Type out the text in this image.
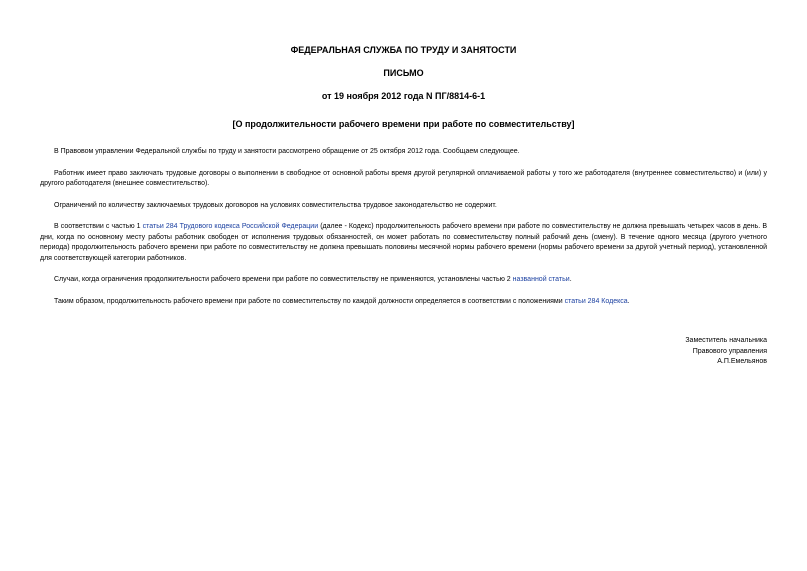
ФЕДЕРАЛЬНАЯ СЛУЖБА ПО ТРУДУ И ЗАНЯТОСТИ

ПИСЬМО

от 19 ноября 2012 года N ПГ/8814-6-1

[О продолжительности рабочего времени при работе по совместительству]

В Правовом управлении Федеральной службы по труду и занятости рассмотрено обращение от 25 октября 2012 года. Сообщаем следующее.

Работник имеет право заключать трудовые договоры о выполнении в свободное от основной работы время другой регулярной оплачиваемой работы у того же работодателя (внутреннее совместительство) и (или) у другого работодателя (внешнее совместительство).

Ограничений по количеству заключаемых трудовых договоров на условиях совместительства трудовое законодательство не содержит.

В соответствии с частью 1 статьи 284 Трудового кодекса Российской Федерации (далее - Кодекс) продолжительность рабочего времени при работе по совместительству не должна превышать четырех часов в день. В дни, когда по основному месту работы работник свободен от исполнения трудовых обязанностей, он может работать по совместительству полный рабочий день (смену). В течение одного месяца (другого учетного периода) продолжительность рабочего времени при работе по совместительству не должна превышать половины месячной нормы рабочего времени (нормы рабочего времени за другой учетный период), установленной для соответствующей категории работников.

Случаи, когда ограничения продолжительности рабочего времени при работе по совместительству не применяются, установлены частью 2 названной статьи.

Таким образом, продолжительность рабочего времени при работе по совместительству по каждой должности определяется в соответствии с положениями статьи 284 Кодекса.

Заместитель начальника
Правового управления
А.П.Емельянов
